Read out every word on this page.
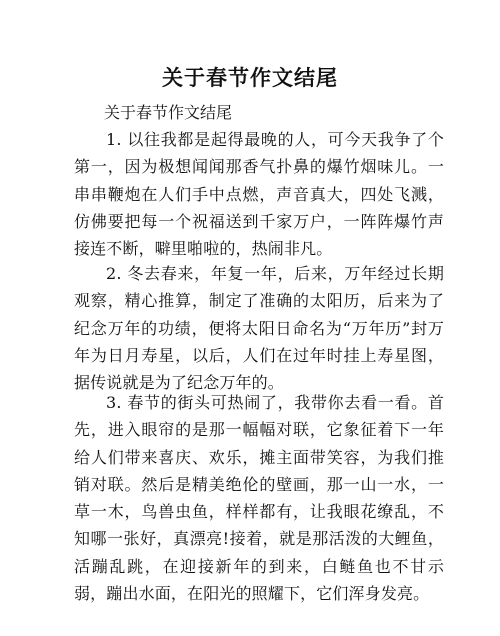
关于春节作文结尾
关于春节作文结尾

1. 以往我都是起得最晚的人，可今天我争了个第一，因为极想闻闻那香气扑鼻的爆竹烟味儿。一串串鞭炮在人们手中点燃，声音真大，四处飞溅，仿佛要把每一个祝福送到千家万户，一阵阵爆竹声接连不断，噼里啪啦的，热闹非凡。

2. 冬去春来，年复一年，后来，万年经过长期观察，精心推算，制定了准确的太阳历，后来为了纪念万年的功绩，便将太阳日命名为“万年历”封万年为日月寿星，以后，人们在过年时挂上寿星图，据传说就是为了纪念万年的。

3. 春节的街头可热闹了，我带你去看一看。首先，进入眼帘的是那一幅幅对联，它象征着下一年给人们带来喜庆、欢乐，摊主面带笑容，为我们推销对联。然后是精美绝伦的壁画，那一山一水，一草一木，鸟兽虫鱼，样样都有，让我眼花缭乱，不知哪一张好，真漂亮!接着，就是那活泼的大鲤鱼，活蹦乱跳，在迎接新年的到来，白鲢鱼也不甘示弱，蹦出水面，在阳光的照耀下，它们浑身发亮。
